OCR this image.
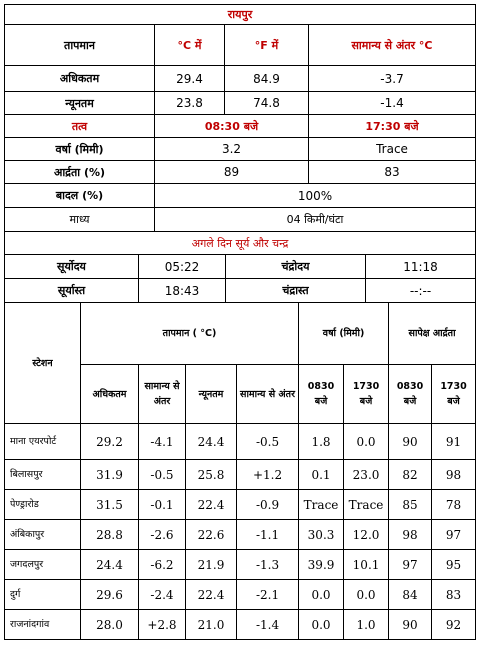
रायपुर			
तापमान	°C में	°F में	सामान्य से अंतर °C
अधिकतम	29.4	84.9	-3.7
न्यूनतम	23.8	74.8	-1.4
तत्व	08:30 बजे		17:30 बजे
वर्षा (मिमी)	3.2		Trace
आर्द्रता (%)	89		83
बादल (%)	100%		
माध्य	04 किमी/घंटा		
अगले दिन सूर्य और चन्द्र			
सूर्योदय	05:22	चंद्रोदय	11:18
सूर्यास्त	18:43	चंद्रास्त	--:--
स्टेशन	तापमान ( °C)				वर्षा (मिमी)		सापेक्ष आर्द्रता	
	अधिकतम	सामान्य से अंतर	न्यूनतम	सामान्य से अंतर	0830 बजे	1730 बजे	0830 बजे	1730 बजे
माना एयरपोर्ट	29.2	-4.1	24.4	-0.5	1.8	0.0	90	91
बिलासपुर	31.9	-0.5	25.8	+1.2	0.1	23.0	82	98
पेण्ड्रारोड	31.5	-0.1	22.4	-0.9	Trace	Trace	85	78
अंबिकापुर	28.8	-2.6	22.6	-1.1	30.3	12.0	98	97
जगदलपुर	24.4	-6.2	21.9	-1.3	39.9	10.1	97	95
दुर्ग	29.6	-2.4	22.4	-2.1	0.0	0.0	84	83
राजनांदगांव	28.0	+2.8	21.0	-1.4	0.0	1.0	90	92
